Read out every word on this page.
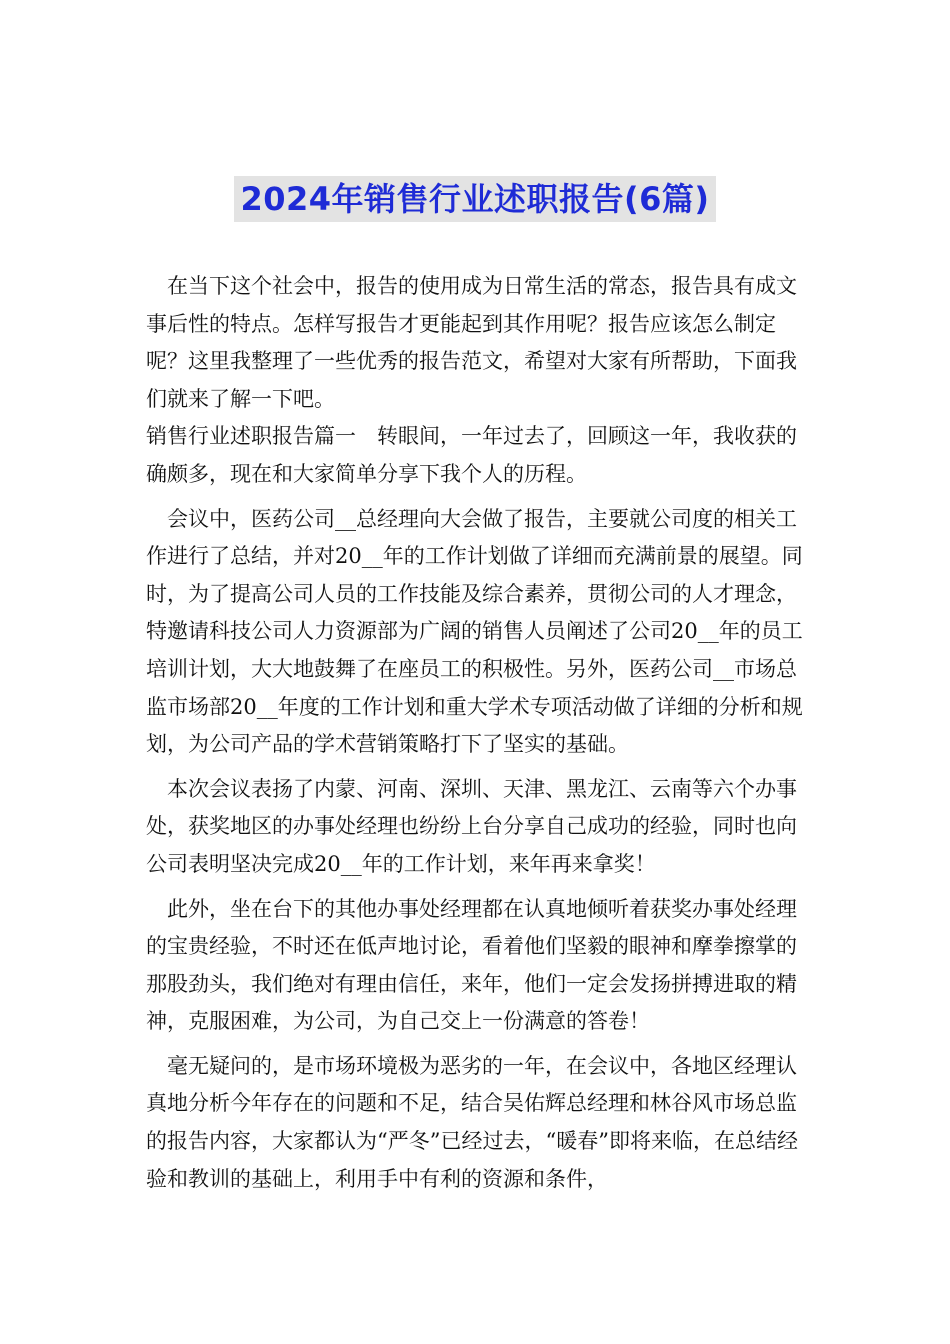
2024年销售行业述职报告(6篇)

在当下这个社会中，报告的使用成为日常生活的常态，报告具有成文事后性的特点。怎样写报告才更能起到其作用呢？报告应该怎么制定呢？这里我整理了一些优秀的报告范文，希望对大家有所帮助，下面我们就来了解一下吧。

销售行业述职报告篇一　转眼间，一年过去了，回顾这一年，我收获的确颇多，现在和大家简单分享下我个人的历程。

会议中，医药公司__总经理向大会做了报告，主要就公司度的相关工作进行了总结，并对20__年的工作计划做了详细而充满前景的展望。同时，为了提高公司人员的工作技能及综合素养，贯彻公司的人才理念，特邀请科技公司人力资源部为广阔的销售人员阐述了公司20__年的员工培训计划，大大地鼓舞了在座员工的积极性。另外，医药公司__市场总监市场部20__年度的工作计划和重大学术专项活动做了详细的分析和规划，为公司产品的学术营销策略打下了坚实的基础。

本次会议表扬了内蒙、河南、深圳、天津、黑龙江、云南等六个办事处，获奖地区的办事处经理也纷纷上台分享自己成功的经验，同时也向公司表明坚决完成20__年的工作计划，来年再来拿奖！

此外，坐在台下的其他办事处经理都在认真地倾听着获奖办事处经理的宝贵经验，不时还在低声地讨论，看着他们坚毅的眼神和摩拳擦掌的那股劲头，我们绝对有理由信任，来年，他们一定会发扬拼搏进取的精神，克服困难，为公司，为自己交上一份满意的答卷！

毫无疑问的，是市场环境极为恶劣的一年，在会议中，各地区经理认真地分析今年存在的问题和不足，结合吴佑辉总经理和林谷风市场总监的报告内容，大家都认为“严冬”已经过去，“暖春”即将来临，在总结经验和教训的基础上，利用手中有利的资源和条件，
